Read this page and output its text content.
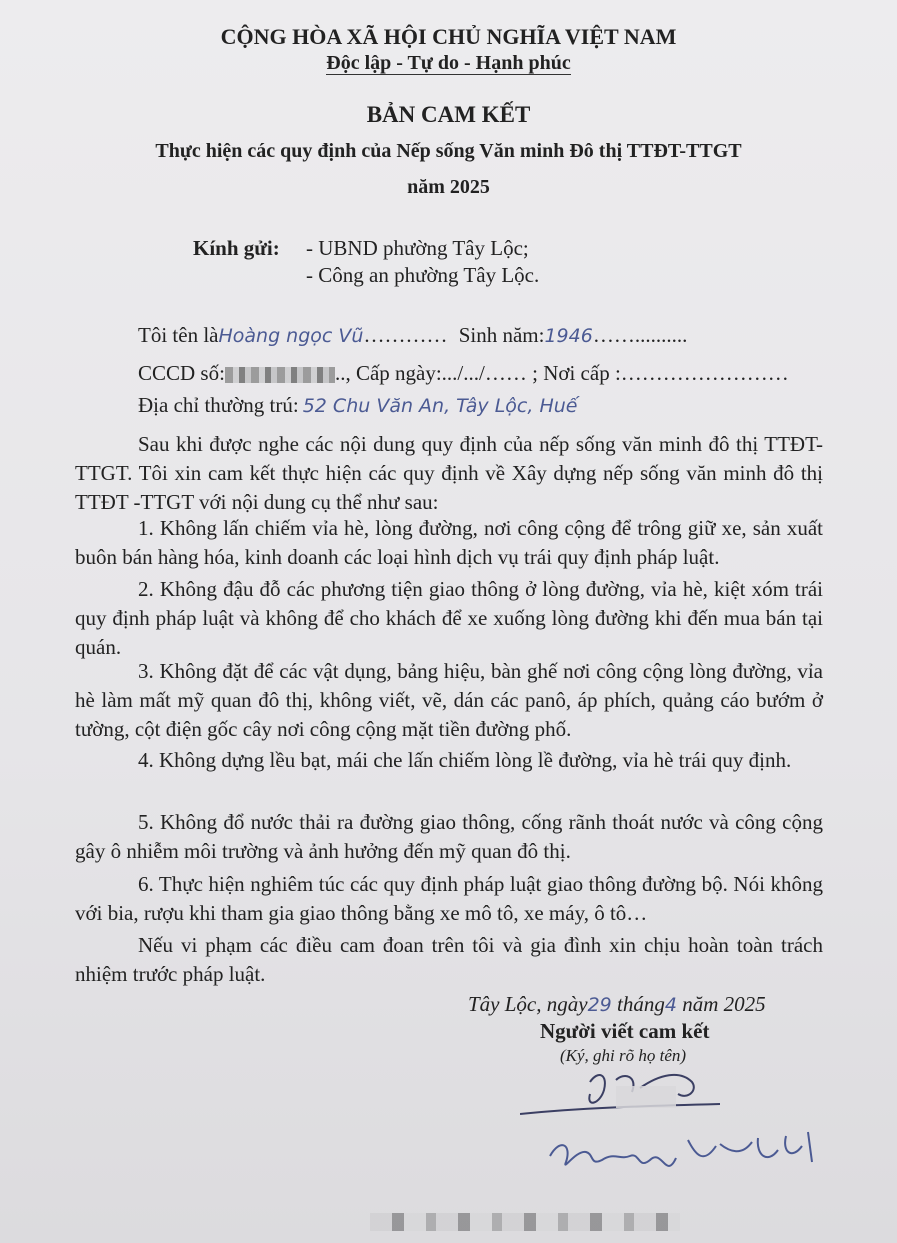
CỘNG HÒA XÃ HỘI CHỦ NGHĨA VIỆT NAM
Độc lập - Tự do - Hạnh phúc
BẢN CAM KẾT
Thực hiện các quy định của Nếp sống Văn minh Đô thị TTĐT-TTGT
năm 2025
Kính gửi: - UBND phường Tây Lộc;
- Công an phường Tây Lộc.
Tôi tên làHoàng ngọc Vũ………… Sinh năm:1946……..........
CCCD số:	.., Cấp ngày:.../.../…… ; Nơi cấp :……………………
Địa chỉ thường trú: 52 Chu Văn An, Tây Lộc, Huế
Sau khi được nghe các nội dung quy định của nếp sống văn minh đô thị TTĐT-TTGT. Tôi xin cam kết thực hiện các quy định về Xây dựng nếp sống văn minh đô thị TTĐT -TTGT với nội dung cụ thể như sau:
1. Không lấn chiếm vỉa hè, lòng đường, nơi công cộng để trông giữ xe, sản xuất buôn bán hàng hóa, kinh doanh các loại hình dịch vụ trái quy định pháp luật.
2. Không đậu đỗ các phương tiện giao thông ở lòng đường, vỉa hè, kiệt xóm trái quy định pháp luật và không để cho khách để xe xuống lòng đường khi đến mua bán tại quán.
3. Không đặt để các vật dụng, bảng hiệu, bàn ghế nơi công cộng lòng đường, vỉa hè làm mất mỹ quan đô thị, không viết, vẽ, dán các panô, áp phích, quảng cáo bướm ở tường, cột điện gốc cây nơi công cộng mặt tiền đường phố.
4. Không dựng lều bạt, mái che lấn chiếm lòng lề đường, vỉa hè trái quy định.
5. Không đổ nước thải ra đường giao thông, cống rãnh thoát nước và công cộng gây ô nhiễm môi trường và ảnh hưởng đến mỹ quan đô thị.
6. Thực hiện nghiêm túc các quy định pháp luật giao thông đường bộ. Nói không với bia, rượu khi tham gia giao thông bằng xe mô tô, xe máy, ô tô…
Nếu vi phạm các điều cam đoan trên tôi và gia đình xin chịu hoàn toàn trách nhiệm trước pháp luật.
Tây Lộc, ngày29 tháng4 năm 2025
Người viết cam kết
(Ký, ghi rõ họ tên)
